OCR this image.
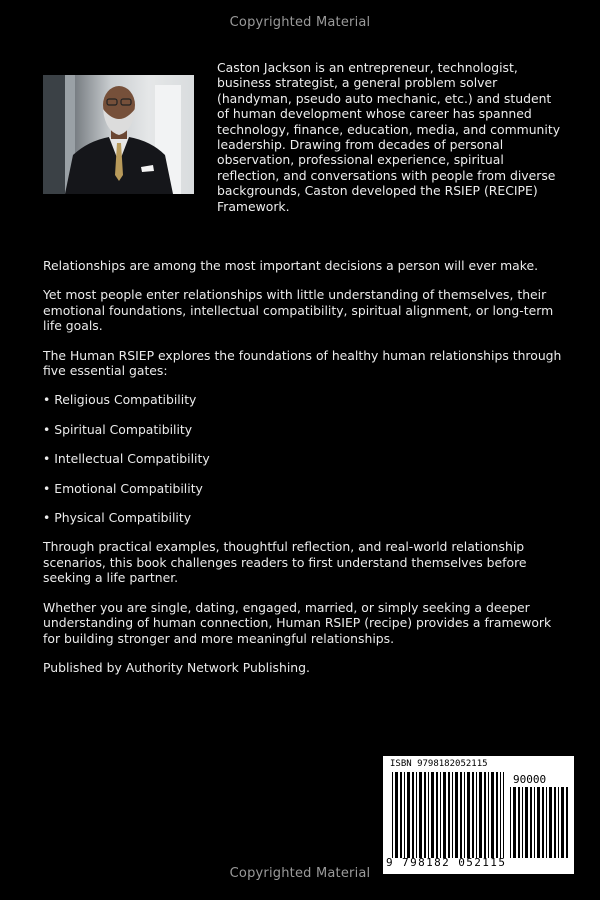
Copyrighted Material

Caston Jackson is an entrepreneur, technologist, business strategist, a general problem solver (handyman, pseudo auto mechanic, etc.) and student of human development whose career has spanned technology, finance, education, media, and community leadership. Drawing from decades of personal observation, professional experience, spiritual reflection, and conversations with people from diverse backgrounds, Caston developed the RSIEP (RECIPE) Framework.

Relationships are among the most important decisions a person will ever make.

Yet most people enter relationships with little understanding of themselves, their emotional foundations, intellectual compatibility, spiritual alignment, or long-term life goals.

The Human RSIEP explores the foundations of healthy human relationships through five essential gates:

• Religious Compatibility
• Spiritual Compatibility
• Intellectual Compatibility
• Emotional Compatibility
• Physical Compatibility

Through practical examples, thoughtful reflection, and real-world relationship scenarios, this book challenges readers to first understand themselves before seeking a life partner.

Whether you are single, dating, engaged, married, or simply seeking a deeper understanding of human connection, Human RSIEP (recipe) provides a framework for building stronger and more meaningful relationships.

Published by Authority Network Publishing.

ISBN 9798182052115
90000
9 798182 052115
Copyrighted Material
